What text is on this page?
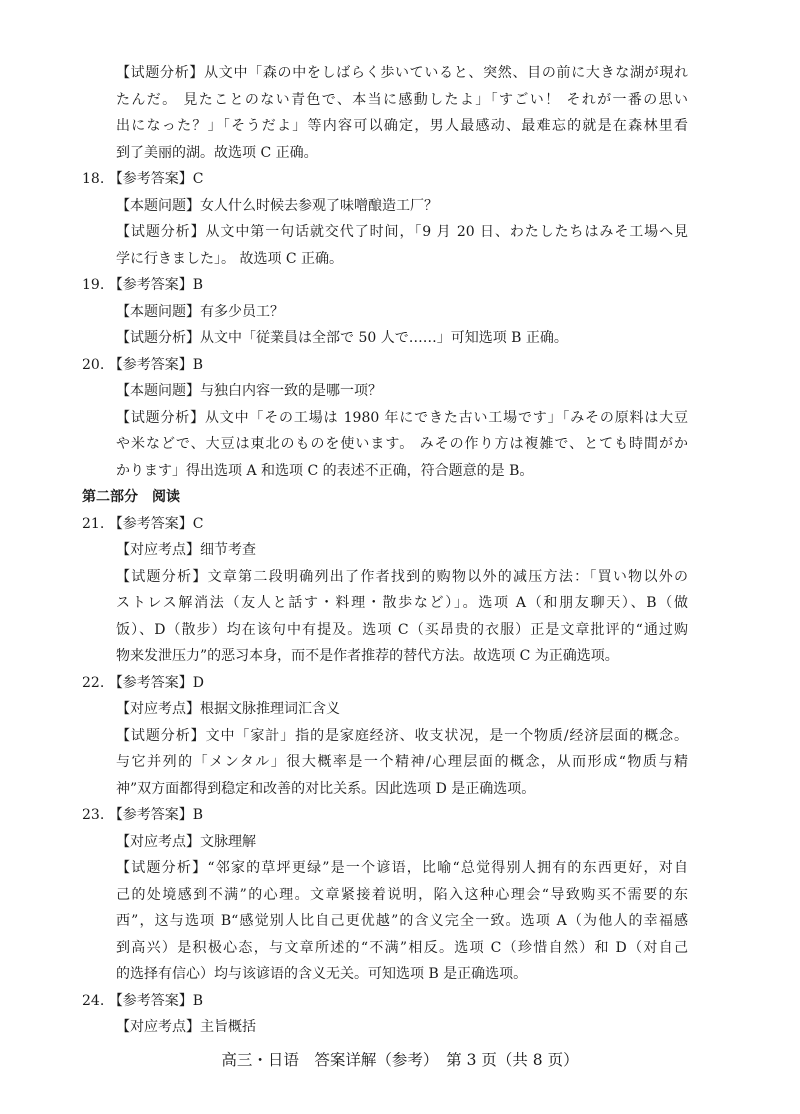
【试题分析】从文中「森の中をしばらく歩いていると、突然、目の前に大きな湖が現れ
たんだ。 見たことのない青色で、本当に感動したよ」「すごい！ それが一番の思い
出になった？」「そうだよ」等内容可以确定，男人最感动、最难忘的就是在森林里看
到了美丽的湖。故选项 C 正确。
18. 【参考答案】C
【本题问题】女人什么时候去参观了味噌酿造工厂？
【试题分析】从文中第一句话就交代了时间，「9 月 20 日、わたしたちはみそ工場へ見
学に行きました」。 故选项 C 正确。
19. 【参考答案】B
【本题问题】有多少员工？
【试题分析】从文中「従業員は全部で 50 人で……」可知选项 B 正确。
20. 【参考答案】B
【本题问题】与独白内容一致的是哪一项？
【试题分析】从文中「その工場は 1980 年にできた古い工場です」「みその原料は大豆
や米などで、大豆は東北のものを使います。 みその作り方は複雑で、とても時間がか
かります」得出选项 A 和选项 C 的表述不正确，符合题意的是 B。
第二部分　阅读
21. 【参考答案】C
【对应考点】细节考查
【试题分析】文章第二段明确列出了作者找到的购物以外的减压方法：「買い物以外の
ストレス解消法（友人と話す・料理・散歩など）」。选项 A（和朋友聊天）、B（做
饭）、D（散步）均在该句中有提及。选项 C（买昂贵的衣服）正是文章批评的“通过购
物来发泄压力”的恶习本身，而不是作者推荐的替代方法。故选项 C 为正确选项。
22. 【参考答案】D
【对应考点】根据文脉推理词汇含义
【试题分析】文中「家計」指的是家庭经济、收支状况，是一个物质/经济层面的概念。
与它并列的「メンタル」很大概率是一个精神/心理层面的概念，从而形成“物质与精
神”双方面都得到稳定和改善的对比关系。因此选项 D 是正确选项。
23. 【参考答案】B
【对应考点】文脉理解
【试题分析】“邻家的草坪更绿”是一个谚语，比喻“总觉得别人拥有的东西更好，对自
己的处境感到不满”的心理。文章紧接着说明，陷入这种心理会“导致购买不需要的东
西”，这与选项 B“感觉别人比自己更优越”的含义完全一致。选项 A（为他人的幸福感
到高兴）是积极心态，与文章所述的“不满”相反。选项 C（珍惜自然）和 D（对自己
的选择有信心）均与该谚语的含义无关。可知选项 B 是正确选项。
24. 【参考答案】B
【对应考点】主旨概括
高三・日语　答案详解（参考）　第 3 页（共 8 页）
